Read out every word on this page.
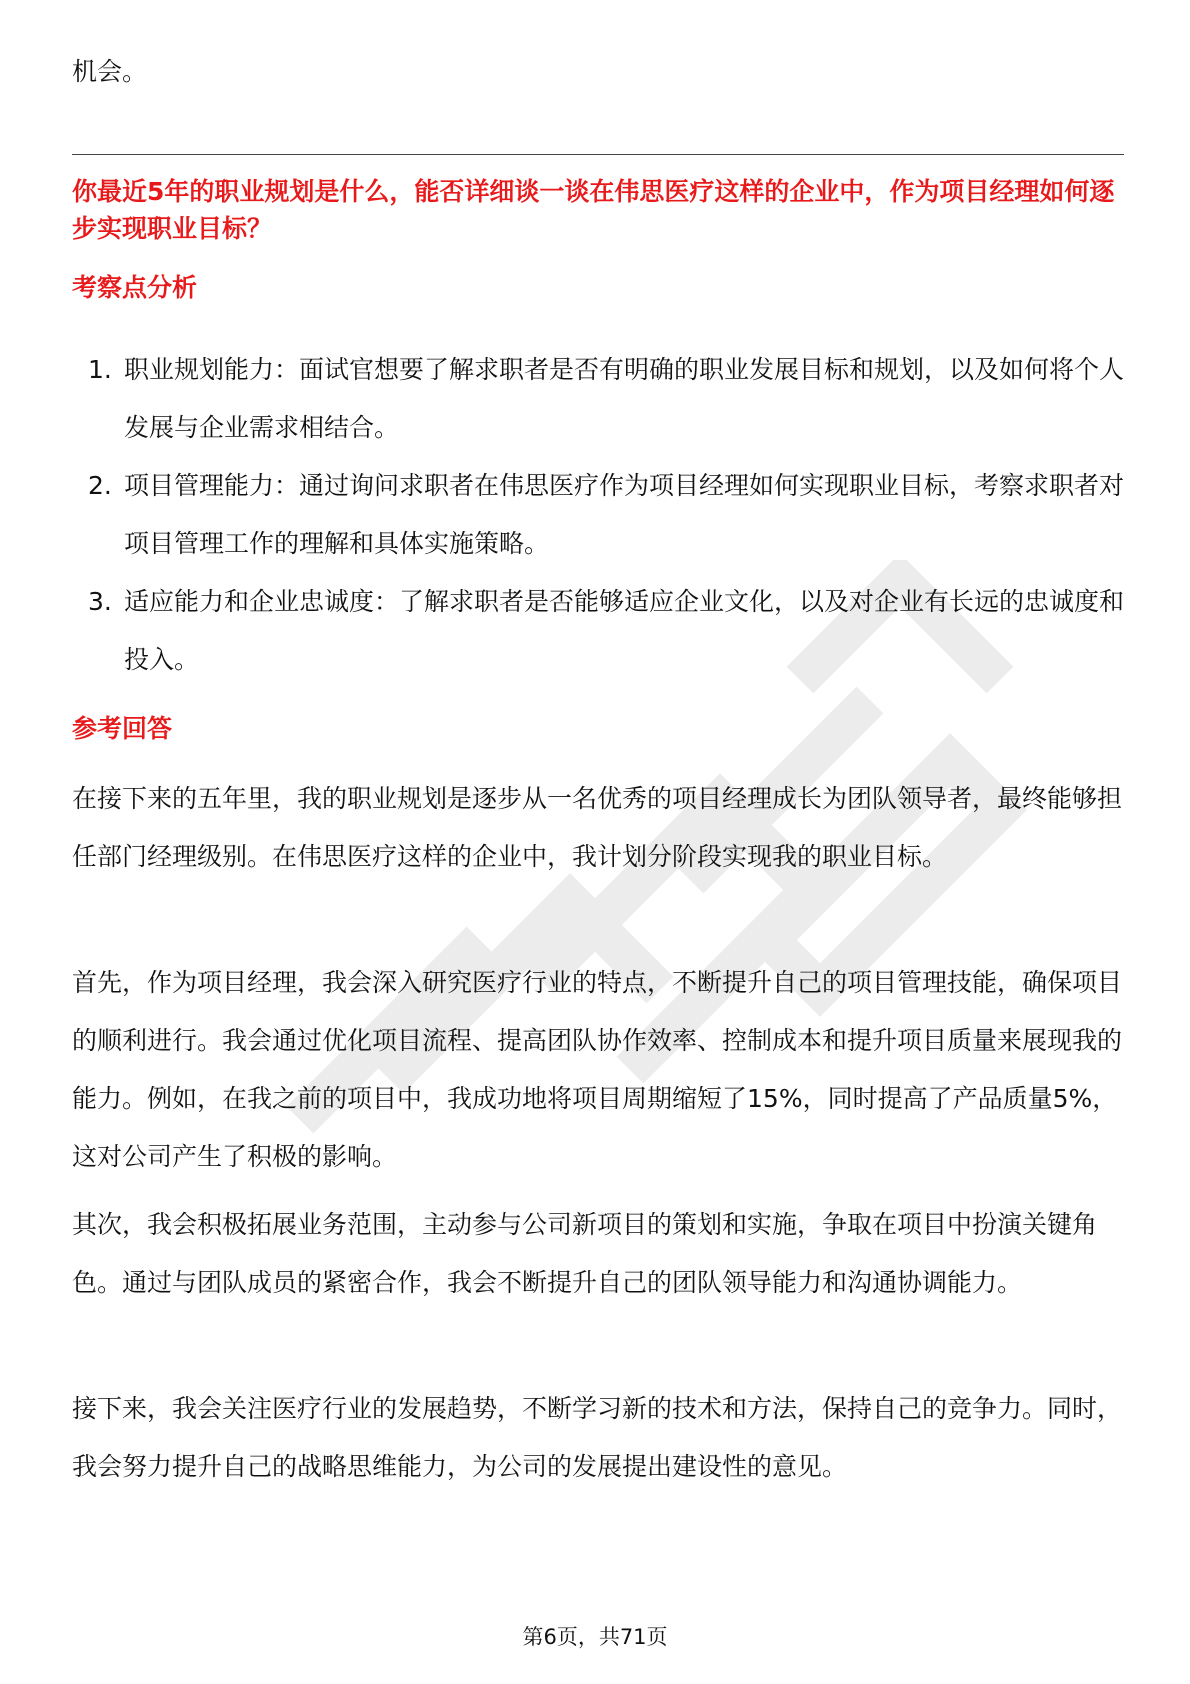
机会。

你最近5年的职业规划是什么，能否详细谈一谈在伟思医疗这样的企业中，作为项目经理如何逐步实现职业目标？

考察点分析
1. 职业规划能力：面试官想要了解求职者是否有明确的职业发展目标和规划，以及如何将个人发展与企业需求相结合。
2. 项目管理能力：通过询问求职者在伟思医疗作为项目经理如何实现职业目标，考察求职者对项目管理工作的理解和具体实施策略。
3. 适应能力和企业忠诚度：了解求职者是否能够适应企业文化，以及对企业有长远的忠诚度和投入。
参考回答

在接下来的五年里，我的职业规划是逐步从一名优秀的项目经理成长为团队领导者，最终能够担任部门经理级别。在伟思医疗这样的企业中，我计划分阶段实现我的职业目标。

首先，作为项目经理，我会深入研究医疗行业的特点，不断提升自己的项目管理技能，确保项目的顺利进行。我会通过优化项目流程、提高团队协作效率、控制成本和提升项目质量来展现我的能力。例如，在我之前的项目中，我成功地将项目周期缩短了15%，同时提高了产品质量5%，这对公司产生了积极的影响。

其次，我会积极拓展业务范围，主动参与公司新项目的策划和实施，争取在项目中扮演关键角色。通过与团队成员的紧密合作，我会不断提升自己的团队领导能力和沟通协调能力。

接下来，我会关注医疗行业的发展趋势，不断学习新的技术和方法，保持自己的竞争力。同时，我会努力提升自己的战略思维能力，为公司的发展提出建设性的意见。

第6页，共71页
